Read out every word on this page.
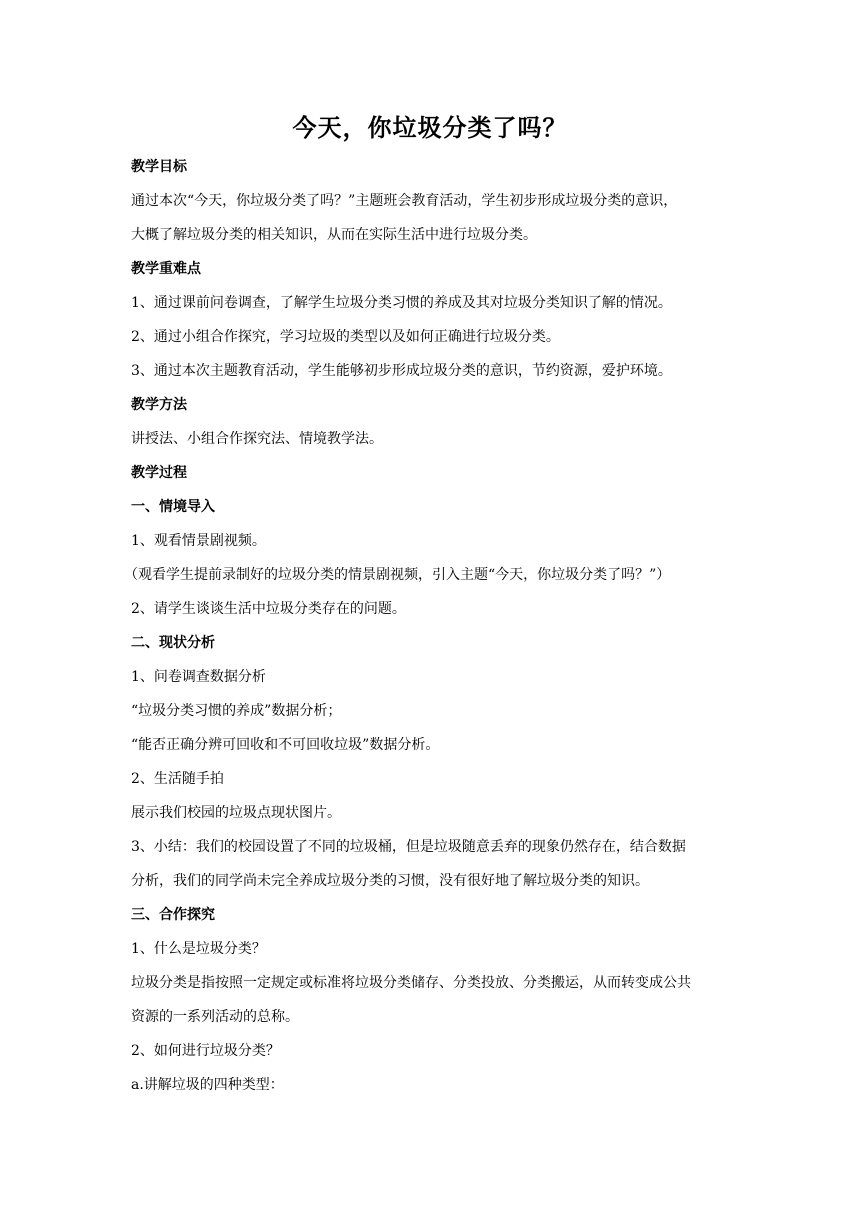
今天，你垃圾分类了吗？
教学目标
通过本次“今天，你垃圾分类了吗？”主题班会教育活动，学生初步形成垃圾分类的意识，
大概了解垃圾分类的相关知识，从而在实际生活中进行垃圾分类。
教学重难点
1、通过课前问卷调查，了解学生垃圾分类习惯的养成及其对垃圾分类知识了解的情况。
2、通过小组合作探究，学习垃圾的类型以及如何正确进行垃圾分类。
3、通过本次主题教育活动，学生能够初步形成垃圾分类的意识，节约资源，爱护环境。
教学方法
讲授法、小组合作探究法、情境教学法。
教学过程
一、情境导入
1、观看情景剧视频。
（观看学生提前录制好的垃圾分类的情景剧视频，引入主题“今天，你垃圾分类了吗？”）
2、请学生谈谈生活中垃圾分类存在的问题。
二、现状分析
1、问卷调查数据分析
“垃圾分类习惯的养成”数据分析；
“能否正确分辨可回收和不可回收垃圾”数据分析。
2、生活随手拍
展示我们校园的垃圾点现状图片。
3、小结：我们的校园设置了不同的垃圾桶，但是垃圾随意丢弃的现象仍然存在，结合数据
分析，我们的同学尚未完全养成垃圾分类的习惯，没有很好地了解垃圾分类的知识。
三、合作探究
1、什么是垃圾分类？
垃圾分类是指按照一定规定或标准将垃圾分类储存、分类投放、分类搬运，从而转变成公共
资源的一系列活动的总称。
2、如何进行垃圾分类？
a.讲解垃圾的四种类型：
